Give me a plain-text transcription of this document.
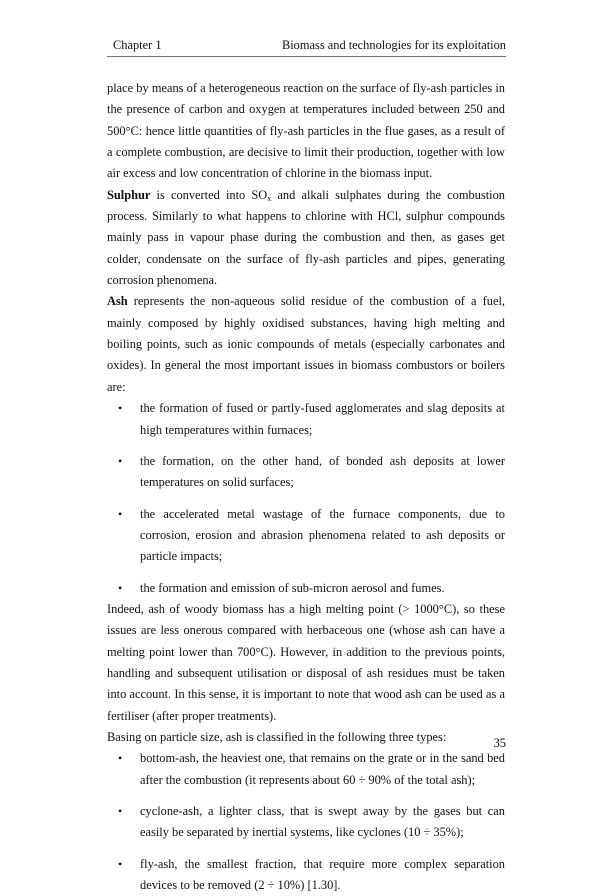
Chapter 1	Biomass and technologies for its exploitation

place by means of a heterogeneous reaction on the surface of fly-ash particles in the presence of carbon and oxygen at temperatures included between 250 and 500°C: hence little quantities of fly-ash particles in the flue gases, as a result of a complete combustion, are decisive to limit their production, together with low air excess and low concentration of chlorine in the biomass input.

Sulphur is converted into $SO_x$ and alkali sulphates during the combustion process. Similarly to what happens to chlorine with HCl, sulphur compounds mainly pass in vapour phase during the combustion and then, as gases get colder, condensate on the surface of fly-ash particles and pipes, generating corrosion phenomena.

Ash represents the non-aqueous solid residue of the combustion of a fuel, mainly composed by highly oxidised substances, having high melting and boiling points, such as ionic compounds of metals (especially carbonates and oxides). In general the most important issues in biomass combustors or boilers are:

• the formation of fused or partly-fused agglomerates and slag deposits at high temperatures within furnaces;
• the formation, on the other hand, of bonded ash deposits at lower temperatures on solid surfaces;
• the accelerated metal wastage of the furnace components, due to corrosion, erosion and abrasion phenomena related to ash deposits or particle impacts;
• the formation and emission of sub-micron aerosol and fumes.

Indeed, ash of woody biomass has a high melting point (> 1000°C), so these issues are less onerous compared with herbaceous one (whose ash can have a melting point lower than 700°C). However, in addition to the previous points, handling and subsequent utilisation or disposal of ash residues must be taken into account. In this sense, it is important to note that wood ash can be used as a fertiliser (after proper treatments).

Basing on particle size, ash is classified in the following three types:

• bottom-ash, the heaviest one, that remains on the grate or in the sand bed after the combustion (it represents about 60 ÷ 90% of the total ash);
• cyclone-ash, a lighter class, that is swept away by the gases but can easily be separated by inertial systems, like cyclones (10 ÷ 35%);
• fly-ash, the smallest fraction, that require more complex separation devices to be removed (2 ÷ 10%) [1.30].
35
